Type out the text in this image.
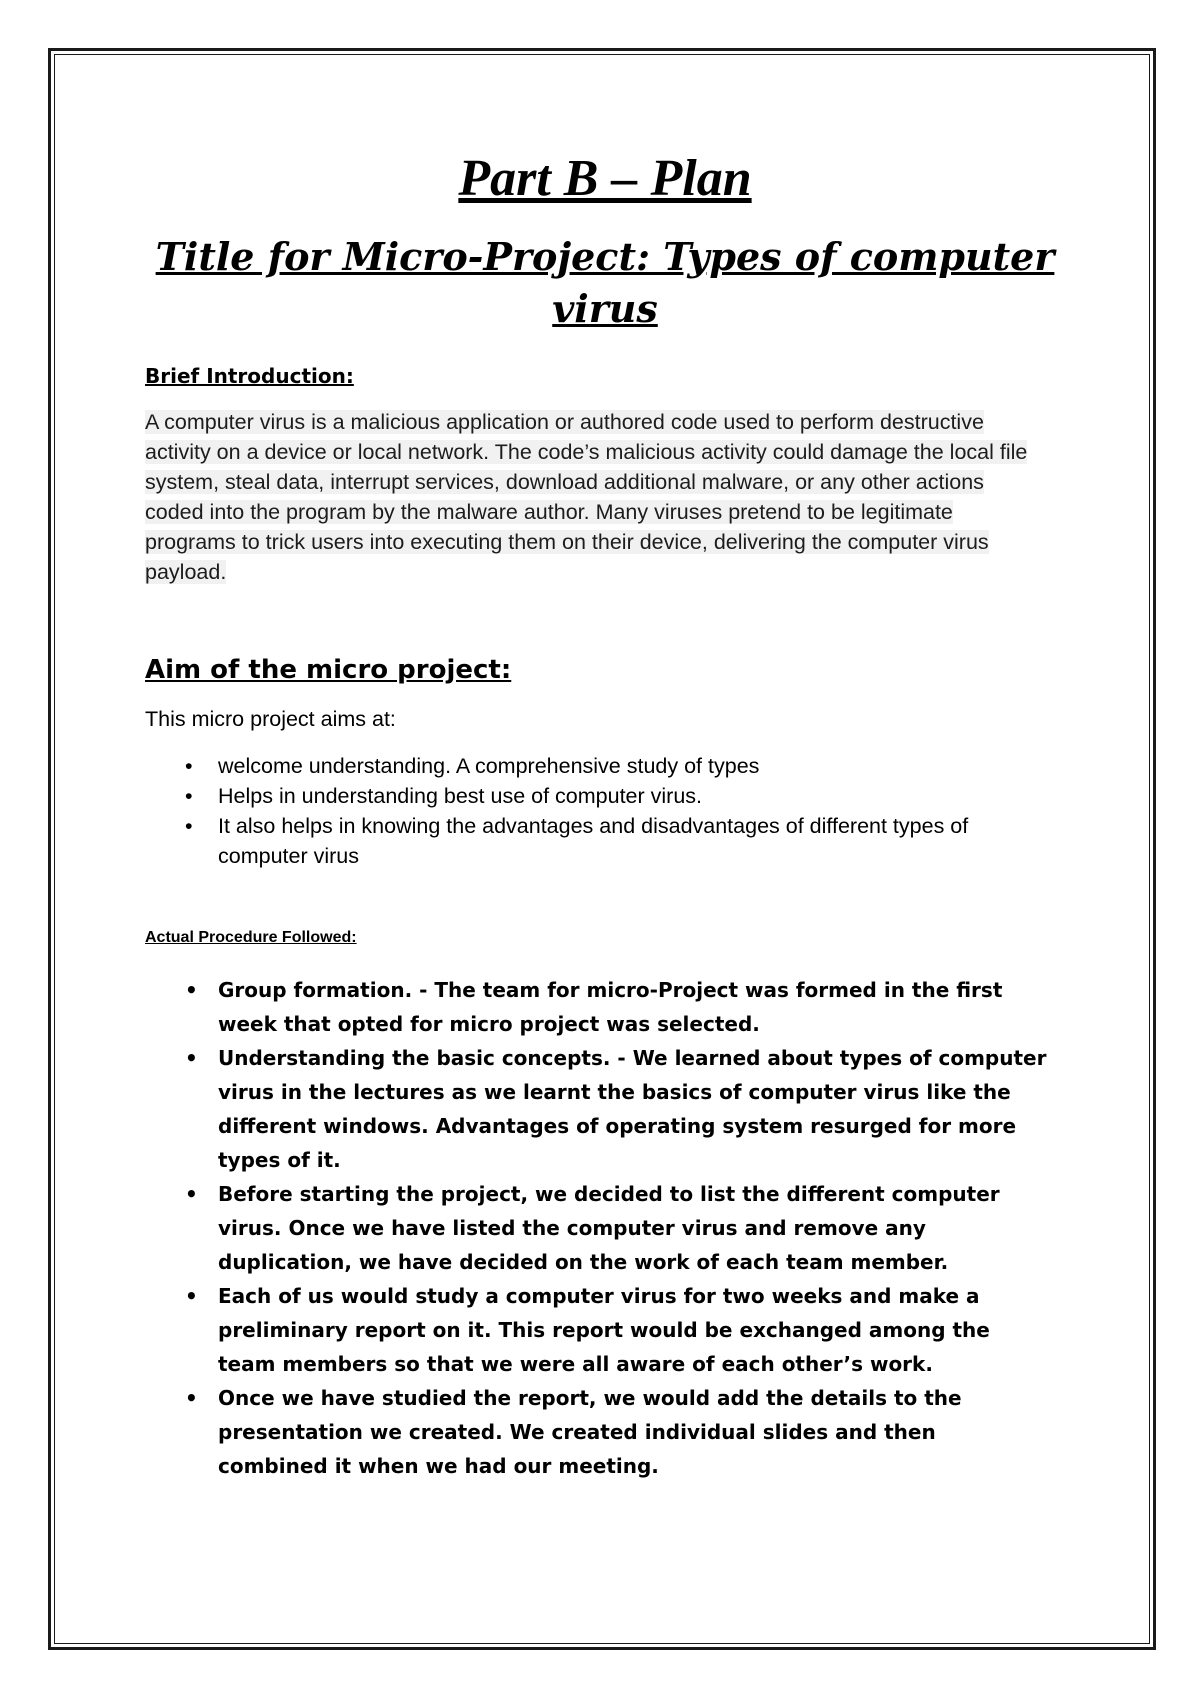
Part B – Plan
Title for Micro-Project: Types of computer virus
Brief Introduction:

A computer virus is a malicious application or authored code used to perform destructive activity on a device or local network. The code’s malicious activity could damage the local file system, steal data, interrupt services, download additional malware, or any other actions coded into the program by the malware author. Many viruses pretend to be legitimate programs to trick users into executing them on their device, delivering the computer virus payload.

Aim of the micro project:
This micro project aims at:
• welcome understanding. A comprehensive study of types
• Helps in understanding best use of computer virus.
• It also helps in knowing the advantages and disadvantages of different types of computer virus
Actual Procedure Followed:
• Group formation. - The team for micro-Project was formed in the first week that opted for micro project was selected.
• Understanding the basic concepts. - We learned about types of computer virus in the lectures as we learnt the basics of computer virus like the different windows. Advantages of operating system resurged for more types of it.
• Before starting the project, we decided to list the different computer virus. Once we have listed the computer virus and remove any duplication, we have decided on the work of each team member.
• Each of us would study a computer virus for two weeks and make a preliminary report on it. This report would be exchanged among the team members so that we were all aware of each other’s work.
• Once we have studied the report, we would add the details to the presentation we created. We created individual slides and then combined it when we had our meeting.
